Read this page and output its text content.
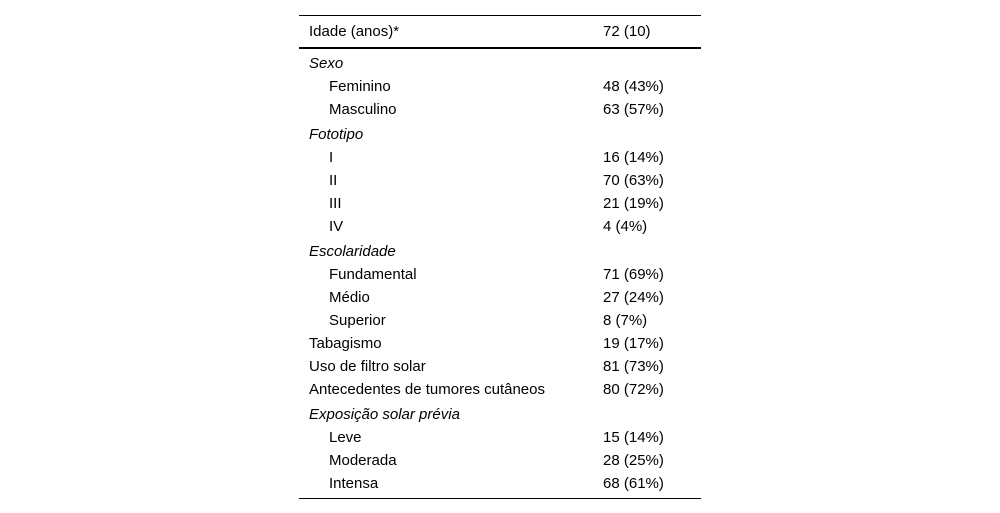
Idade (anos)*	72 (10)
Sexo
Feminino	48 (43%)
Masculino	63 (57%)
Fototipo
I	16 (14%)
II	70 (63%)
III	21 (19%)
IV	4 (4%)
Escolaridade
Fundamental	71 (69%)
Médio	27 (24%)
Superior	8 (7%)
Tabagismo	19 (17%)
Uso de filtro solar	81 (73%)
Antecedentes de tumores cutâneos	80 (72%)
Exposição solar prévia
Leve	15 (14%)
Moderada	28 (25%)
Intensa	68 (61%)
